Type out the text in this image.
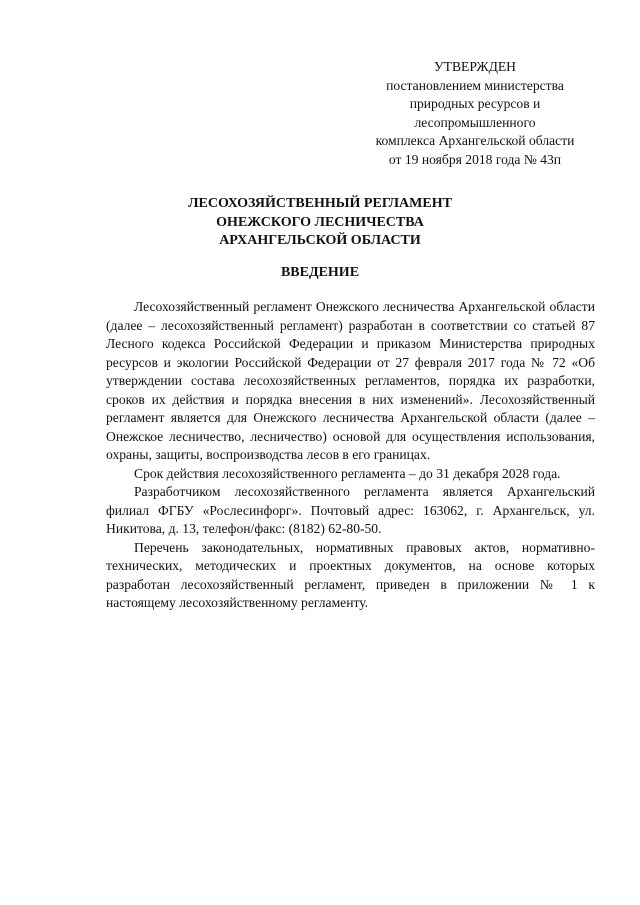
УТВЕРЖДЕН
постановлением министерства
природных ресурсов и
лесопромышленного
комплекса Архангельской области
от 19 ноября 2018 года № 43п
ЛЕСОХОЗЯЙСТВЕННЫЙ РЕГЛАМЕНТ
ОНЕЖСКОГО ЛЕСНИЧЕСТВА
АРХАНГЕЛЬСКОЙ ОБЛАСТИ
ВВЕДЕНИЕ

Лесохозяйственный регламент Онежского лесничества Архангельской области (далее – лесохозяйственный регламент) разработан в соответствии со статьей 87 Лесного кодекса Российской Федерации и приказом Министерства природных ресурсов и экологии Российской Федерации от 27 февраля 2017 года № 72 «Об утверждении состава лесохозяйственных регламентов, порядка их разработки, сроков их действия и порядка внесения в них изменений». Лесохозяйственный регламент является для Онежского лесничества Архангельской области (далее – Онежское лесничество, лесничество) основой для осуществления использования, охраны, защиты, воспроизводства лесов в его границах.

Срок действия лесохозяйственного регламента – до 31 декабря 2028 года.

Разработчиком лесохозяйственного регламента является Архангельский филиал ФГБУ «Рослесинфорг». Почтовый адрес: 163062, г. Архангельск, ул. Никитова, д. 13, телефон/факс: (8182) 62-80-50.

Перечень законодательных, нормативных правовых актов, нормативно-технических, методических и проектных документов, на основе которых разработан лесохозяйственный регламент, приведен в приложении № 1 к настоящему лесохозяйственному регламенту.
